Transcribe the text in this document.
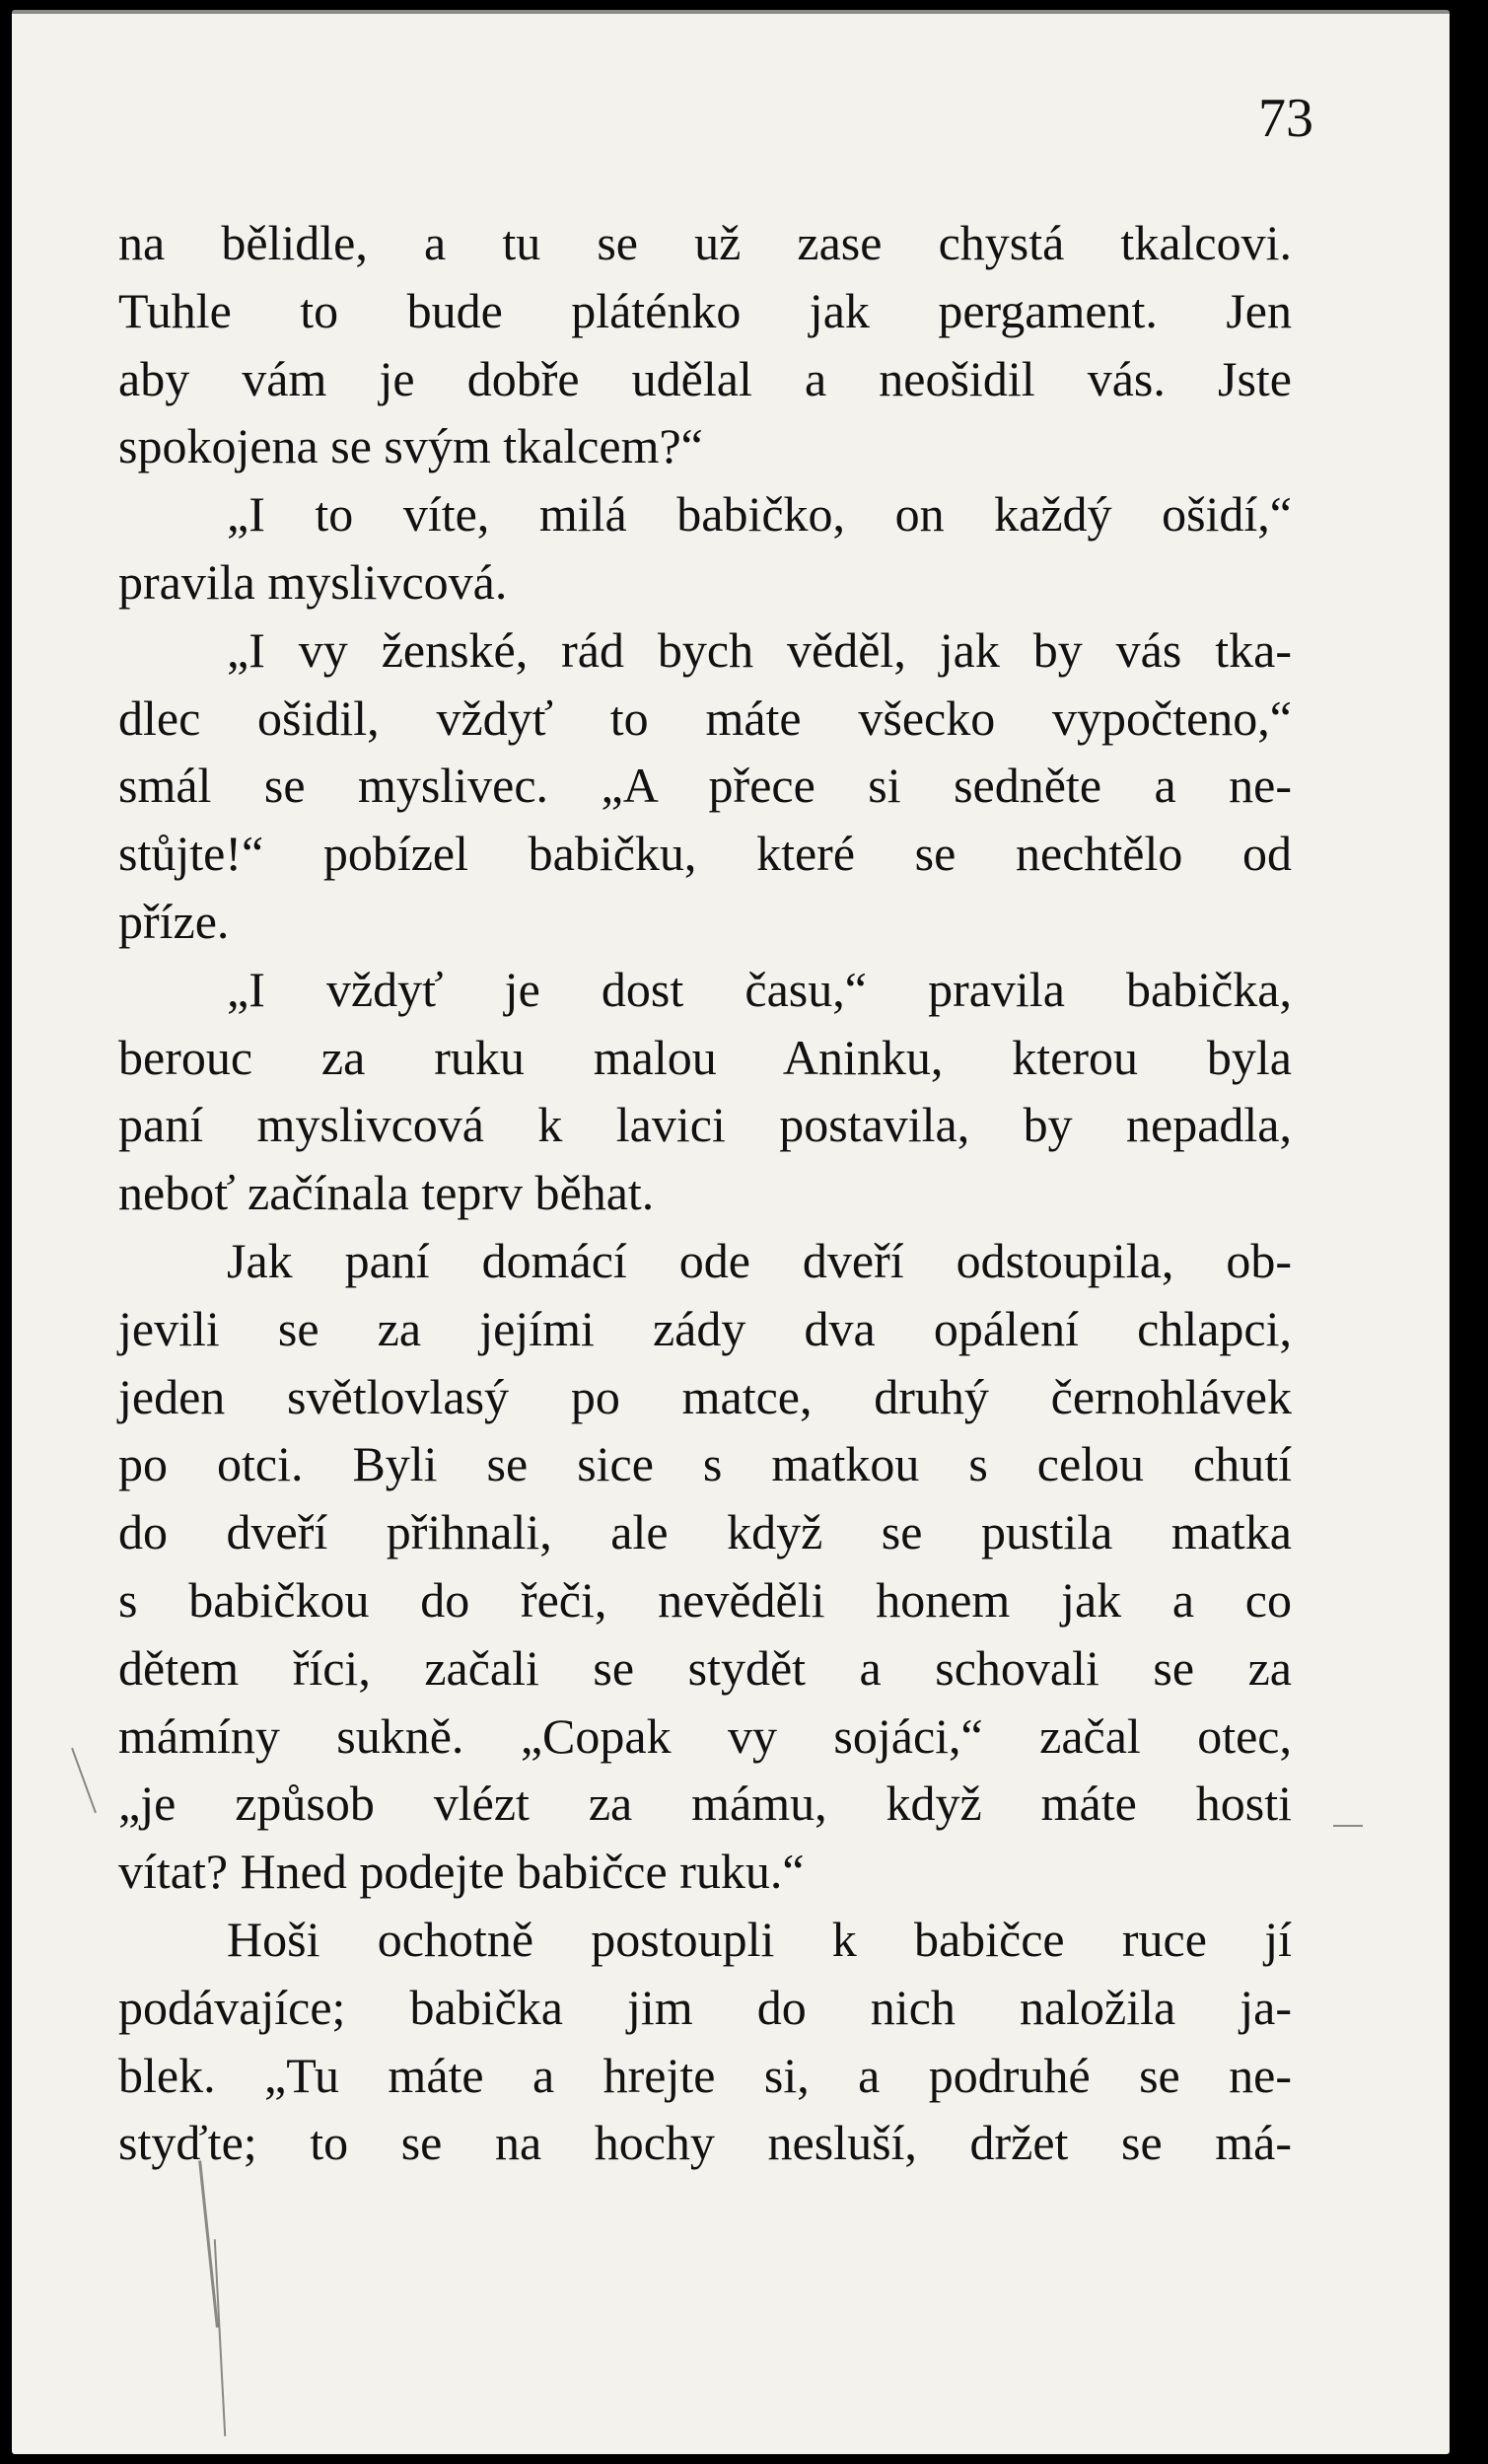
73

na bělidle, a tu se už zase chystá tkalcovi.
Tuhle to bude pláténko jak pergament. Jen
aby vám je dobře udělal a neošidil vás. Jste
spokojena se svým tkalcem?“
„I to víte, milá babičko, on každý ošidí,“
pravila myslivcová.
„I vy ženské, rád bych věděl, jak by vás tka-
dlec ošidil, vždyť to máte všecko vypočteno,“
smál se myslivec. „A přece si sedněte a ne-
stůjte!“ pobízel babičku, které se nechtělo od
příze.
„I vždyť je dost času,“ pravila babička,
berouc za ruku malou Aninku, kterou byla
paní myslivcová k lavici postavila, by nepadla,
neboť začínala teprv běhat.
Jak paní domácí ode dveří odstoupila, ob-
jevili se za jejími zády dva opálení chlapci,
jeden světlovlasý po matce, druhý černohlávek
po otci. Byli se sice s matkou s celou chutí
do dveří přihnali, ale když se pustila matka
s babičkou do řeči, nevěděli honem jak a co
dětem říci, začali se stydět a schovali se za
mámíny sukně. „Copak vy sojáci,“ začal otec,
„je způsob vlézt za mámu, když máte hosti
vítat? Hned podejte babičce ruku.“
Hoši ochotně postoupli k babičce ruce jí
podávajíce; babička jim do nich naložila ja-
blek. „Tu máte a hrejte si, a podruhé se ne-
styďte; to se na hochy nesluší, držet se má-
